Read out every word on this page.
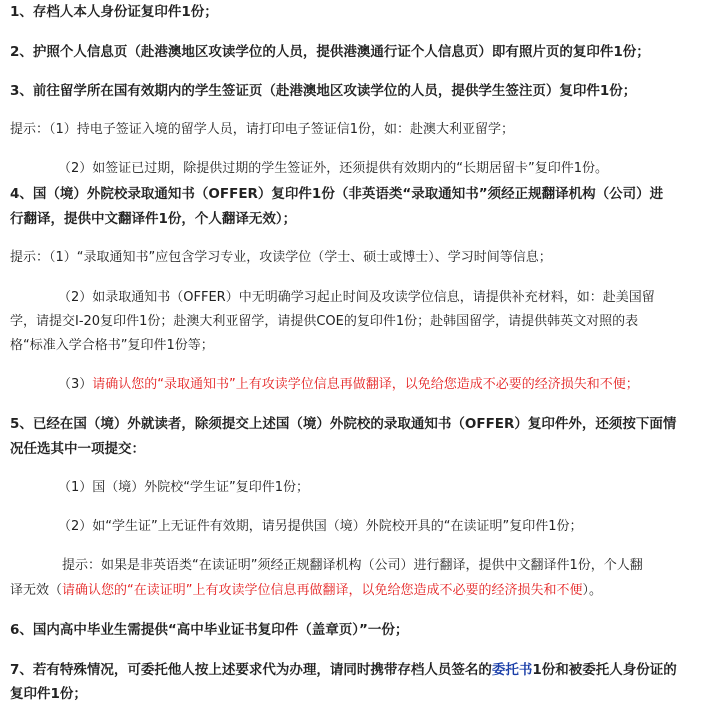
1、存档人本人身份证复印件1份；
2、护照个人信息页（赴港澳地区攻读学位的人员，提供港澳通行证个人信息页）即有照片页的复印件1份；
3、前往留学所在国有效期内的学生签证页（赴港澳地区攻读学位的人员，提供学生签注页）复印件1份；
提示：（1）持电子签证入境的留学人员，请打印电子签证信1份，如：赴澳大利亚留学；
（2）如签证已过期，除提供过期的学生签证外，还须提供有效期内的“长期居留卡”复印件1份。
4、国（境）外院校录取通知书（OFFER）复印件1份（非英语类“录取通知书”须经正规翻译机构（公司）进
行翻译，提供中文翻译件1份，个人翻译无效）；
提示：（1）“录取通知书”应包含学习专业，攻读学位（学士、硕士或博士）、学习时间等信息；
（2）如录取通知书（OFFER）中无明确学习起止时间及攻读学位信息，请提供补充材料，如：赴美国留
学，请提交I-20复印件1份；赴澳大利亚留学，请提供COE的复印件1份；赴韩国留学，请提供韩英文对照的表
格“标准入学合格书”复印件1份等；
（3）请确认您的“录取通知书”上有攻读学位信息再做翻译，以免给您造成不必要的经济损失和不便；
5、已经在国（境）外就读者，除须提交上述国（境）外院校的录取通知书（OFFER）复印件外，还须按下面情
况任选其中一项提交：
（1）国（境）外院校“学生证”复印件1份；
（2）如“学生证”上无证件有效期，请另提供国（境）外院校开具的“在读证明”复印件1份；
提示：如果是非英语类“在读证明”须经正规翻译机构（公司）进行翻译，提供中文翻译件1份，个人翻
译无效（请确认您的“在读证明”上有攻读学位信息再做翻译，以免给您造成不必要的经济损失和不便）。
6、国内高中毕业生需提供“高中毕业证书复印件（盖章页）”一份；
7、若有特殊情况，可委托他人按上述要求代为办理，请同时携带存档人员签名的委托书1份和被委托人身份证的
复印件1份；
